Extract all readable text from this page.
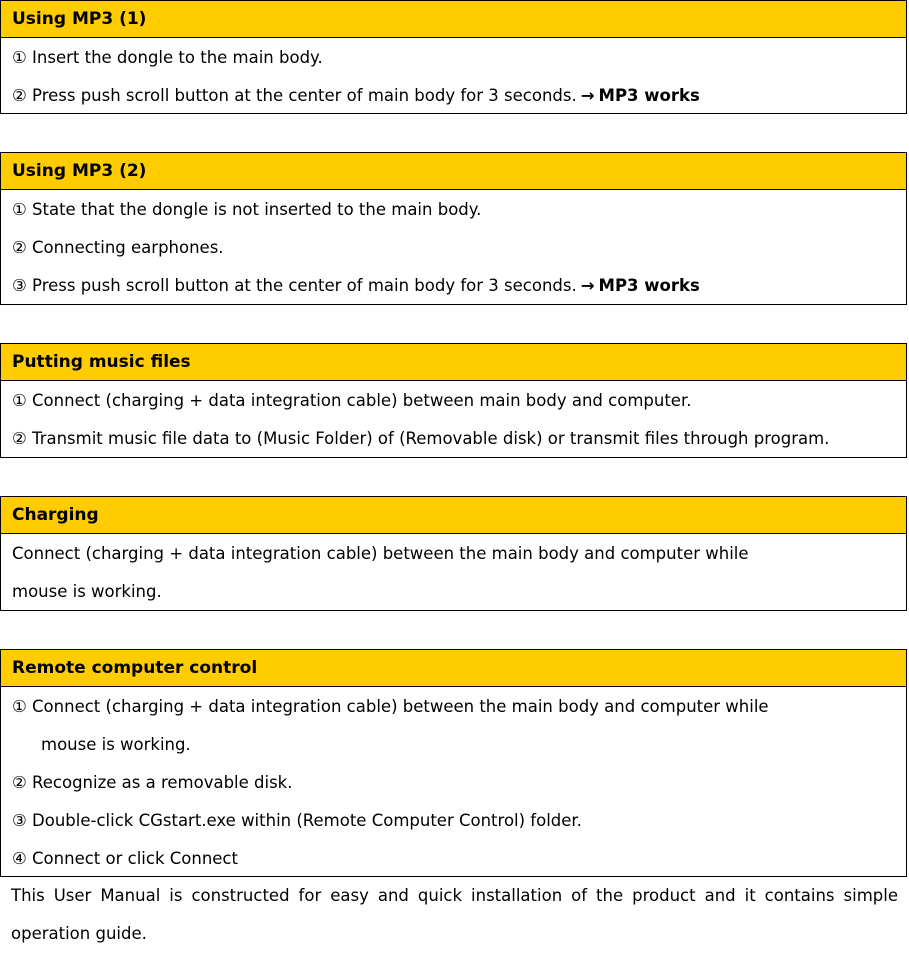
Using MP3 (1)
① Insert the dongle to the main body.
② Press push scroll button at the center of main body for 3 seconds. → MP3 works
Using MP3 (2)
① State that the dongle is not inserted to the main body.
② Connecting earphones.
③ Press push scroll button at the center of main body for 3 seconds. → MP3 works
Putting music files
① Connect (charging + data integration cable) between main body and computer.
② Transmit music file data to (Music Folder) of (Removable disk) or transmit files through program.
Charging
Connect (charging + data integration cable) between the main body and computer while
mouse is working.
Remote computer control
① Connect (charging + data integration cable) between the main body and computer while
mouse is working.
② Recognize as a removable disk.
③ Double-click CGstart.exe within (Remote Computer Control) folder.
④ Connect or click Connect
This User Manual is constructed for easy and quick installation of the product and it contains simple operation guide.
